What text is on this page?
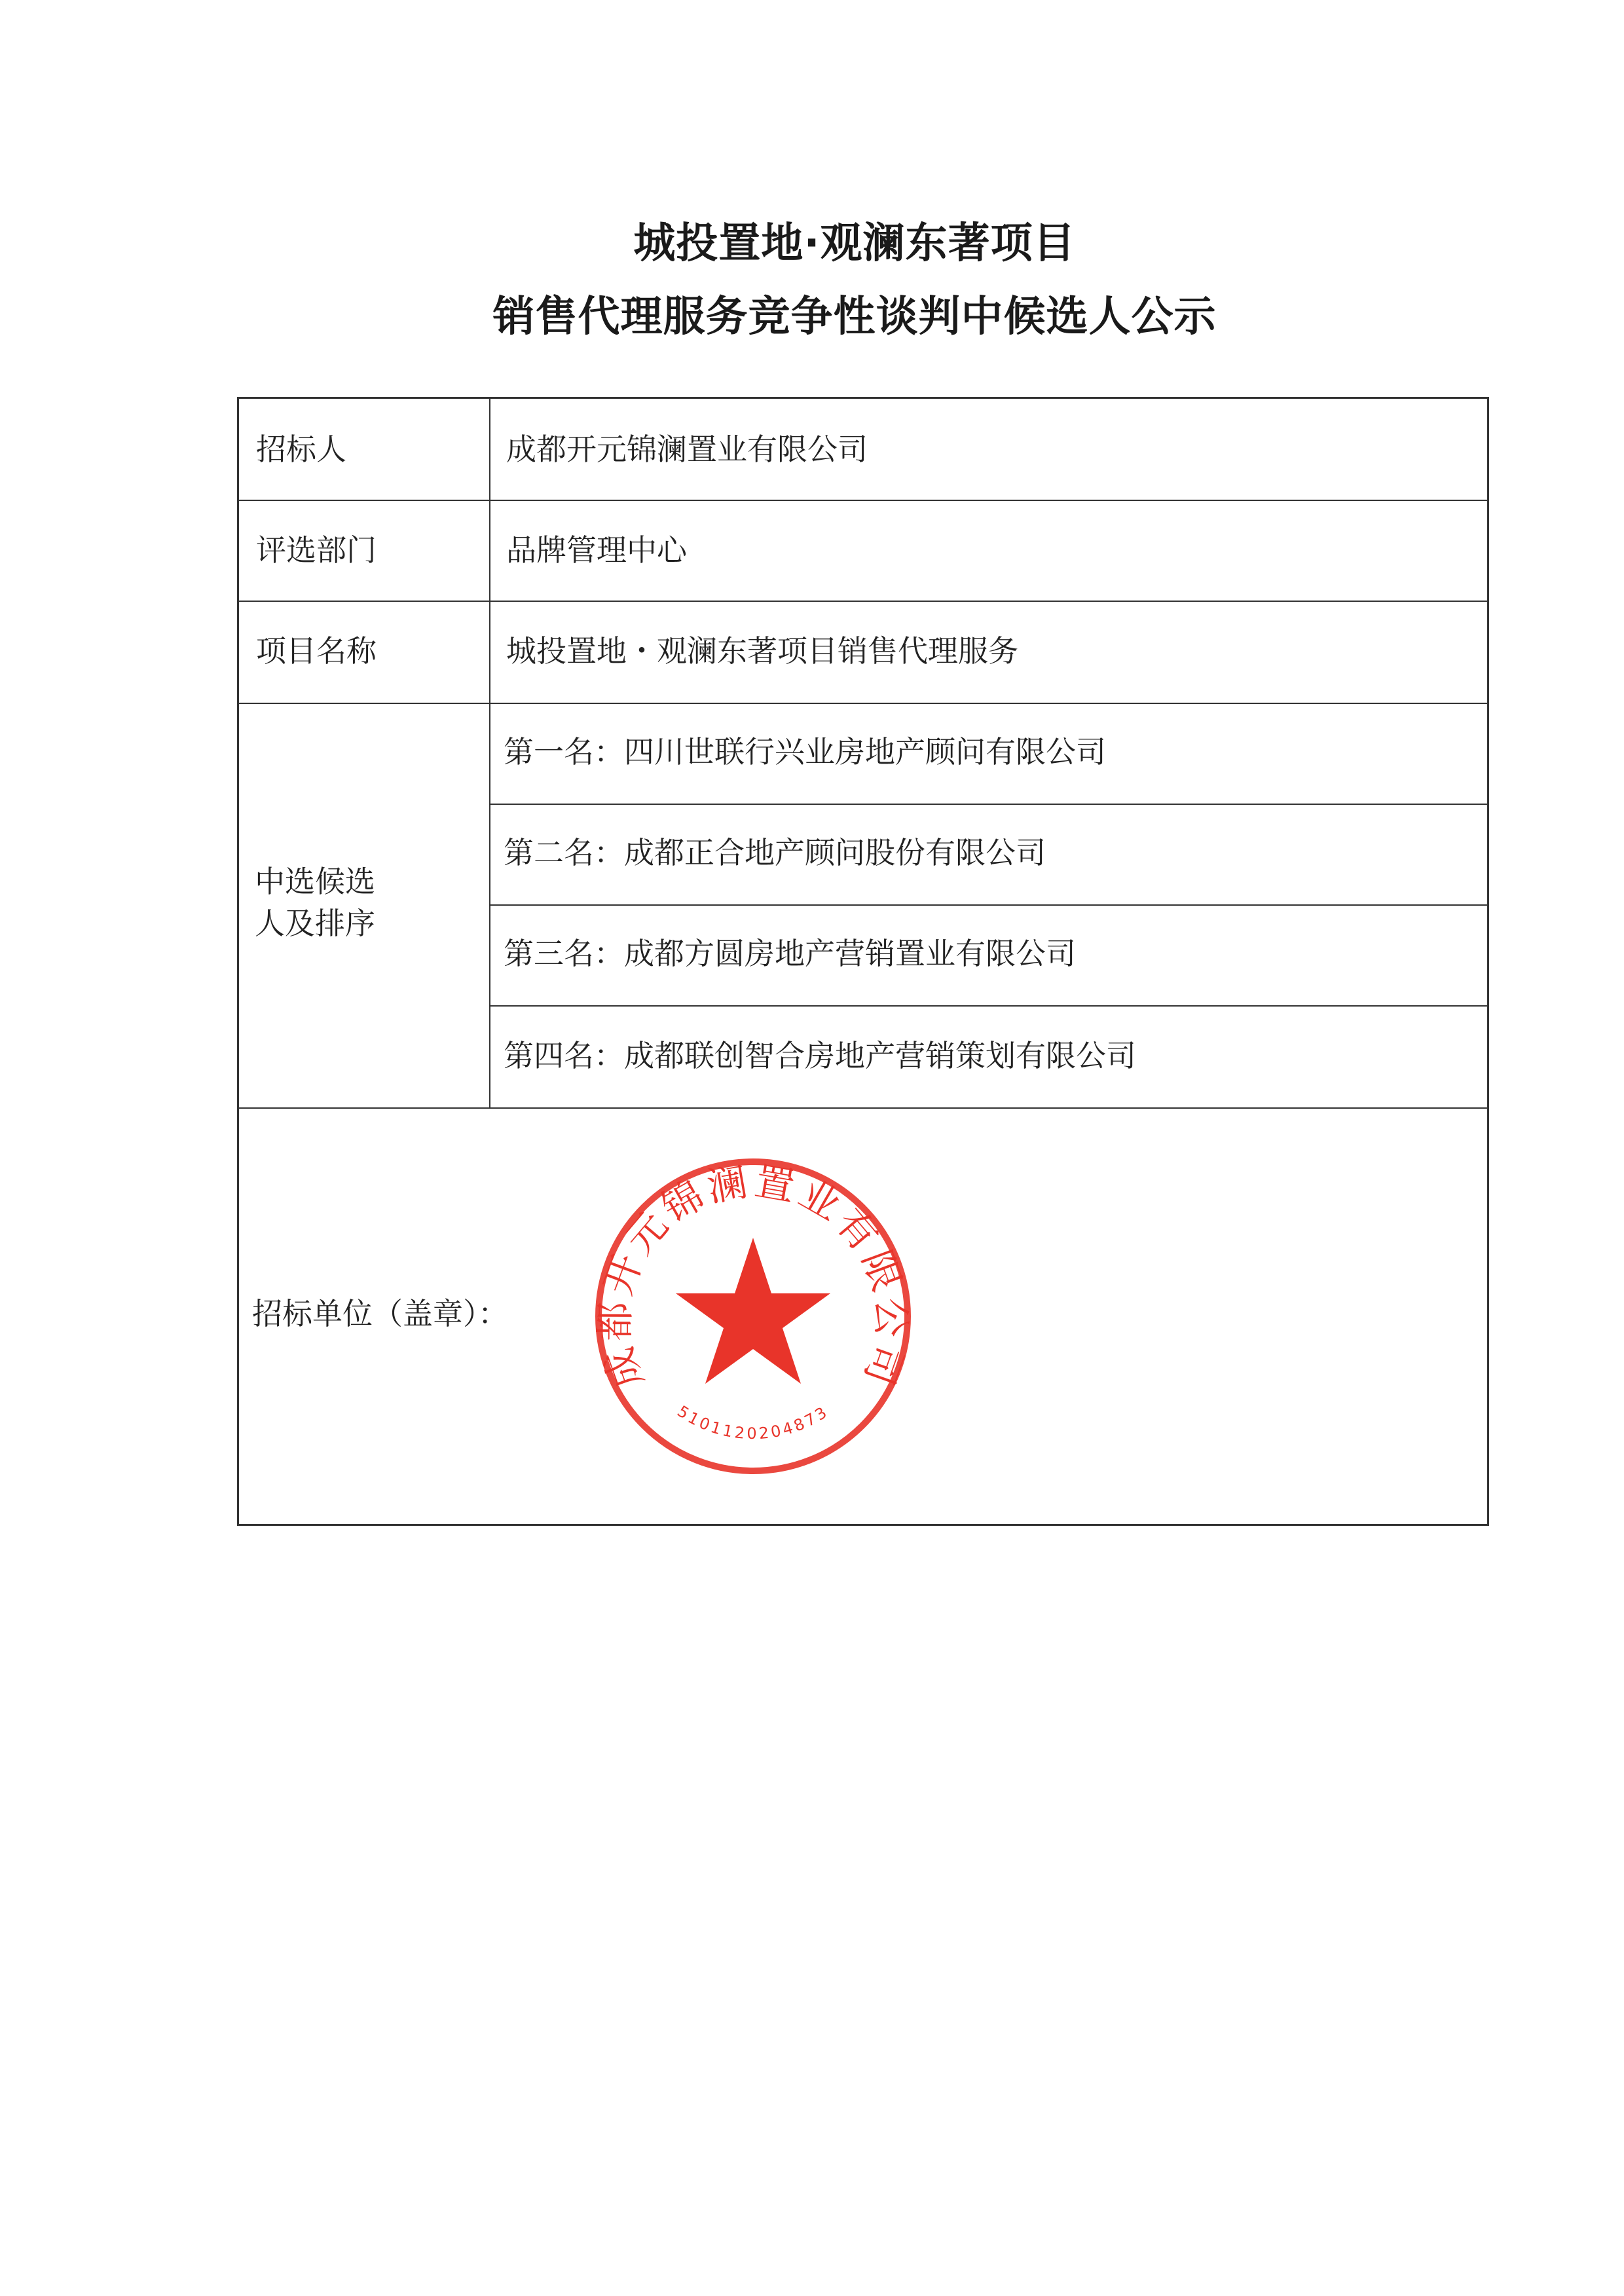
城投置地·观澜东著项目
销售代理服务竞争性谈判中候选人公示
招标人	成都开元锦澜置业有限公司
评选部门	品牌管理中心
项目名称	城投置地・观澜东著项目销售代理服务
中选候选
人及排序
第一名：四川世联行兴业房地产顾问有限公司
第二名：成都正合地产顾问股份有限公司
第三名：成都方圆房地产营销置业有限公司
第四名：成都联创智合房地产营销策划有限公司
招标单位（盖章）：
成都开元锦澜置业有限公司
5101120204873
